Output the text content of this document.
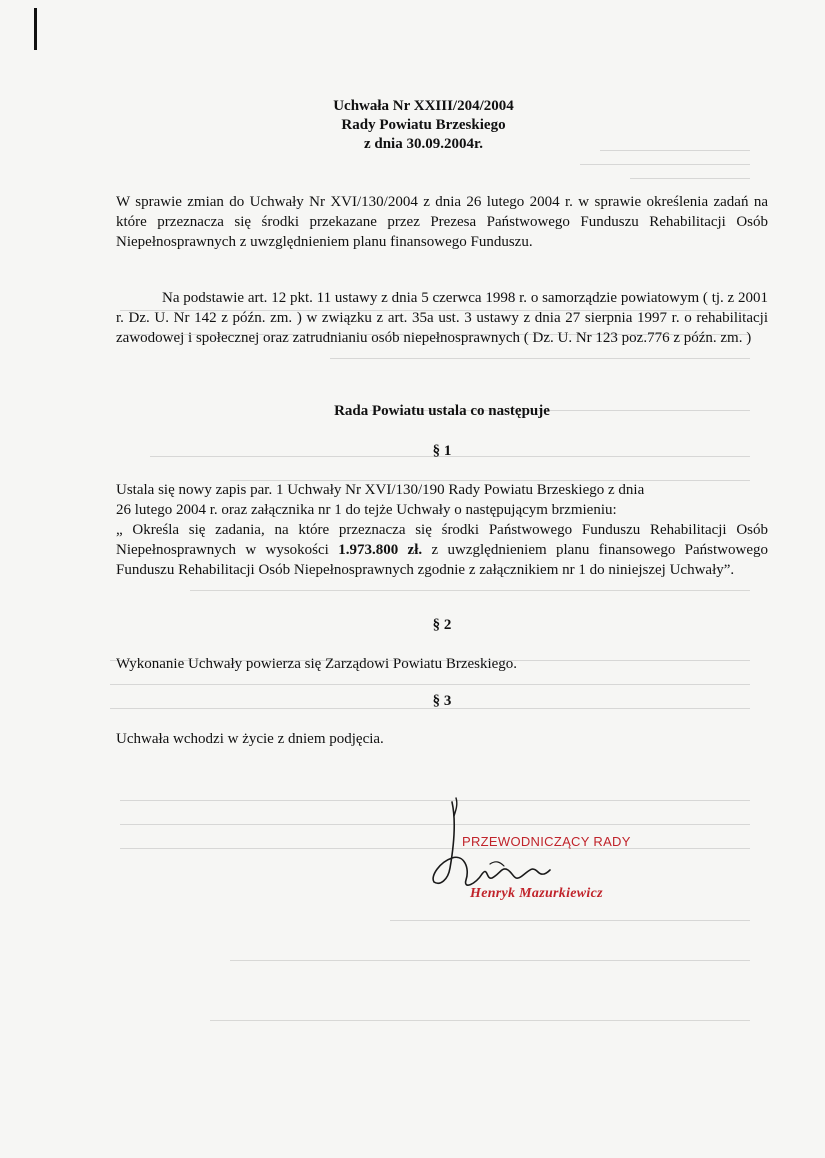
Uchwała Nr XXIII/204/2004
Rady Powiatu Brzeskiego
z dnia 30.09.2004r.

W sprawie zmian do Uchwały Nr XVI/130/2004 z dnia 26 lutego 2004 r. w sprawie określenia zadań na które przeznacza się środki przekazane przez Prezesa Państwowego Funduszu Rehabilitacji Osób Niepełnosprawnych z uwzględnieniem planu finansowego Funduszu.

Na podstawie art. 12 pkt. 11 ustawy z dnia 5 czerwca 1998 r. o samorządzie powiatowym ( tj. z 2001 r. Dz. U. Nr 142 z późn. zm. ) w związku z art. 35a ust. 3 ustawy z dnia 27 sierpnia 1997 r. o rehabilitacji zawodowej i społecznej oraz zatrudnianiu osób niepełnosprawnych ( Dz. U. Nr 123 poz.776 z późn. zm. )

Rada Powiatu ustala co następuje
§ 1

Ustala się nowy zapis par. 1 Uchwały Nr XVI/130/190 Rady Powiatu Brzeskiego z dnia
26 lutego 2004 r. oraz załącznika nr 1 do tejże Uchwały o następującym brzmieniu:
„ Określa się zadania, na które przeznacza się środki Państwowego Funduszu Rehabilitacji Osób Niepełnosprawnych w wysokości 1.973.800 zł. z uwzględnieniem planu finansowego Państwowego Funduszu Rehabilitacji Osób Niepełnosprawnych zgodnie z załącznikiem nr 1 do niniejszej Uchwały”.

§ 2
Wykonanie Uchwały powierza się Zarządowi Powiatu Brzeskiego.
§ 3
Uchwała wchodzi w życie z dniem podjęcia.
PRZEWODNICZĄCY RADY
Henryk Mazurkiewicz
